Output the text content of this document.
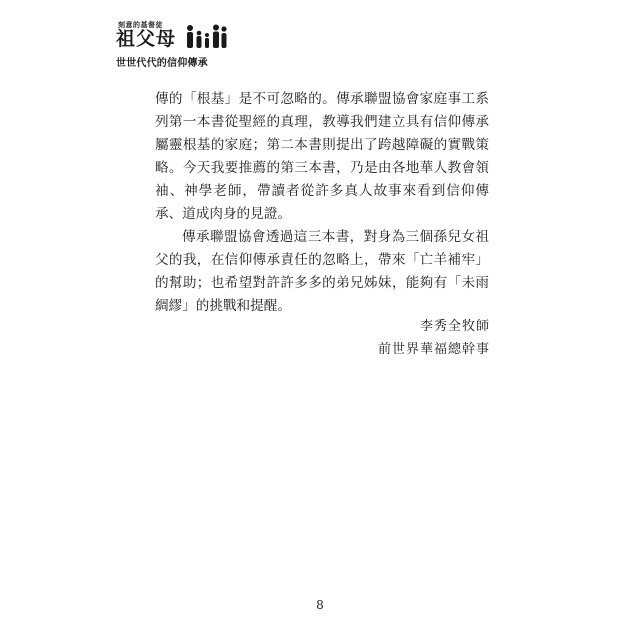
刻意的基督徒
祖父母
世世代代的信仰傳承

傳的「根基」是不可忽略的。傳承聯盟協會家庭事工系列第一本書從聖經的真理，教導我們建立具有信仰傳承屬靈根基的家庭；第二本書則提出了跨越障礙的實戰策略。今天我要推薦的第三本書，乃是由各地華人教會領袖、神學老師，帶讀者從許多真人故事來看到信仰傳承、道成肉身的見證。

傳承聯盟協會透過這三本書，對身為三個孫兒女祖父的我，在信仰傳承責任的忽略上，帶來「亡羊補牢」的幫助；也希望對許許多多的弟兄姊妹，能夠有「未雨綢繆」的挑戰和提醒。

李秀全牧師
前世界華福總幹事
8
